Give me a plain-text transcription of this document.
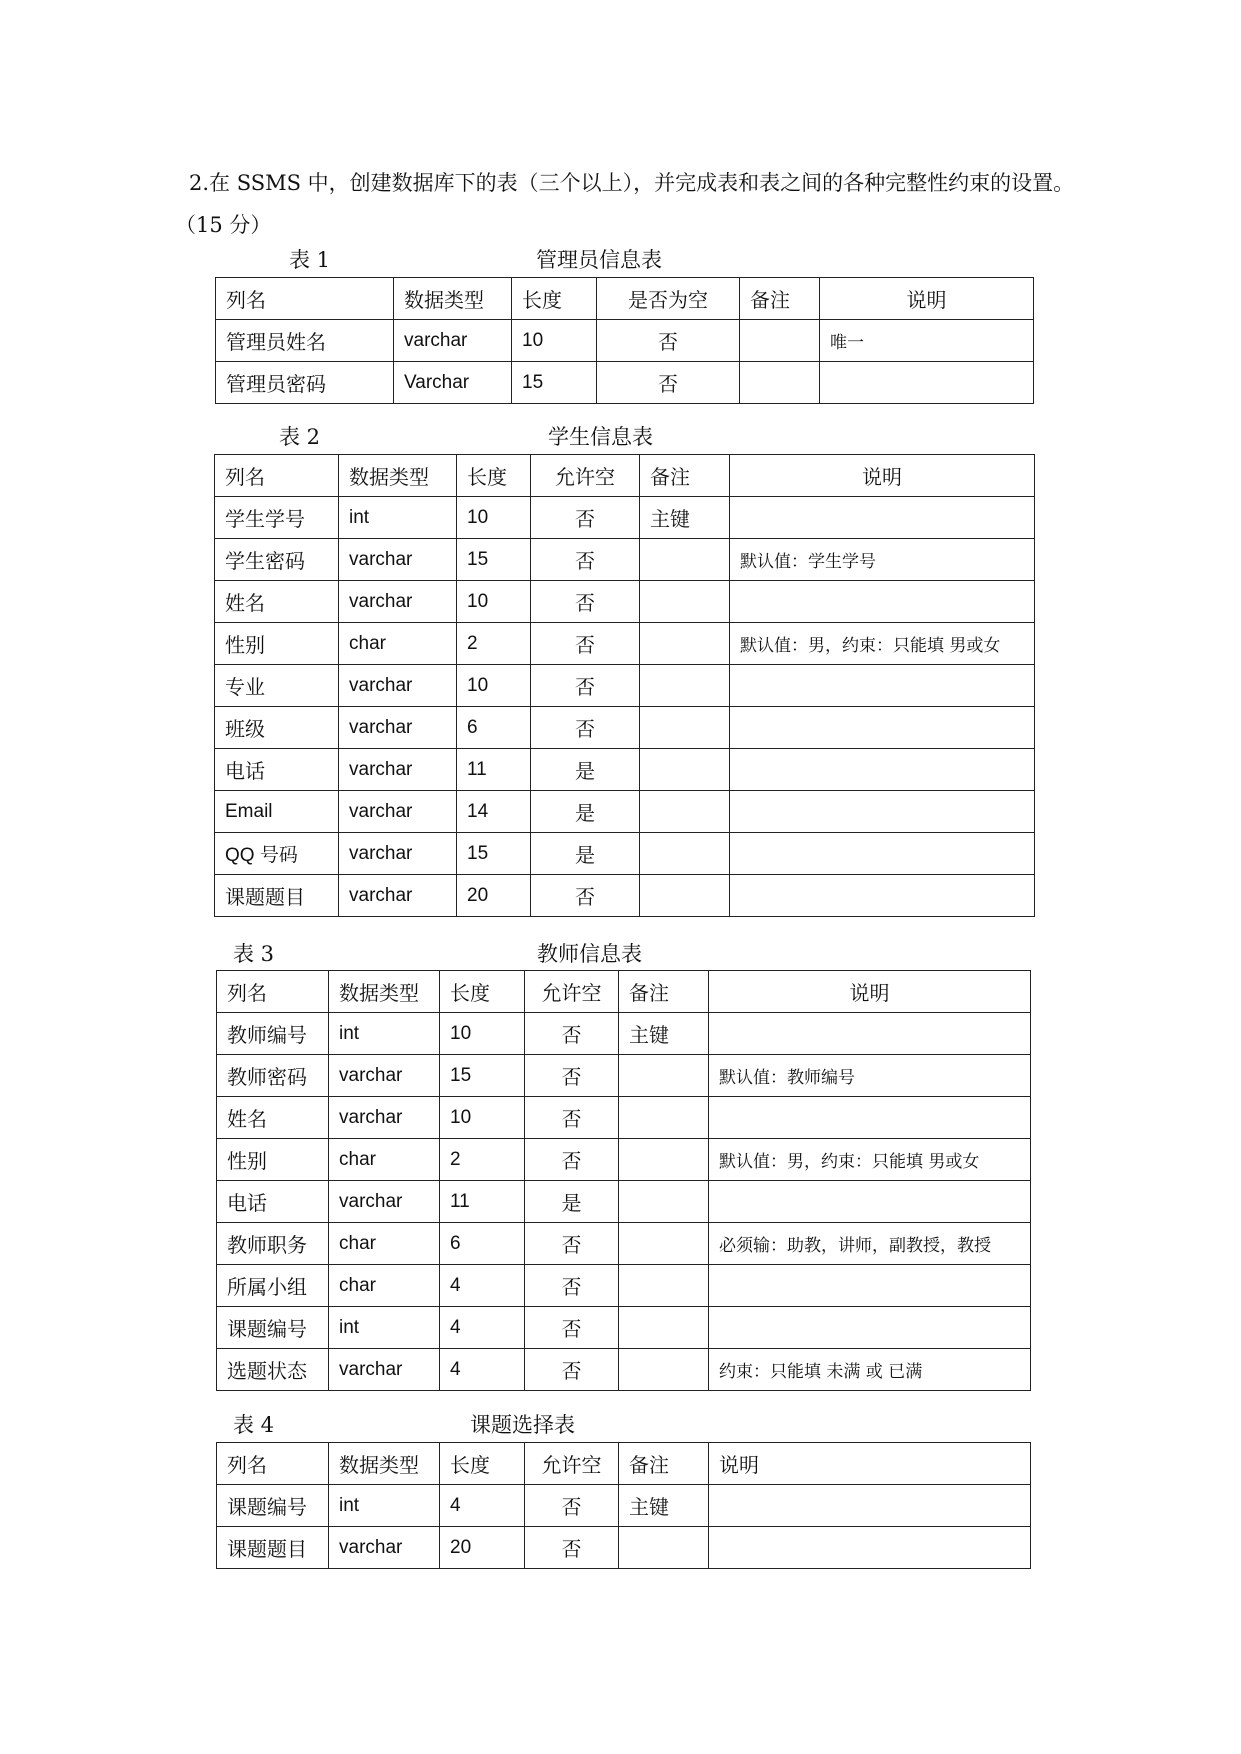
2.在 SSMS 中，创建数据库下的表（三个以上），并完成表和表之间的各种完整性约束的设置。
（15 分）
表 1	管理员信息表
列名	数据类型	长度	是否为空	备注	说明
管理员姓名	varchar	10	否		唯一
管理员密码	Varchar	15	否		
表 2	学生信息表
列名	数据类型	长度	允许空	备注	说明
学生学号	int	10	否	主键	
学生密码	varchar	15	否		默认值：学生学号
姓名	varchar	10	否		
性别	char	2	否		默认值：男，约束：只能填 男或女
专业	varchar	10	否		
班级	varchar	6	否		
电话	varchar	11	是		
Email	varchar	14	是		
QQ 号码	varchar	15	是		
课题题目	varchar	20	否		
表 3	教师信息表
列名	数据类型	长度	允许空	备注	说明
教师编号	int	10	否	主键	
教师密码	varchar	15	否		默认值：教师编号
姓名	varchar	10	否		
性别	char	2	否		默认值：男，约束：只能填 男或女
电话	varchar	11	是		
教师职务	char	6	否		必须输：助教，讲师，副教授，教授
所属小组	char	4	否		
课题编号	int	4	否		
选题状态	varchar	4	否		约束：只能填 未满 或 已满
表 4	课题选择表
列名	数据类型	长度	允许空	备注	说明
课题编号	int	4	否	主键	
课题题目	varchar	20	否		
